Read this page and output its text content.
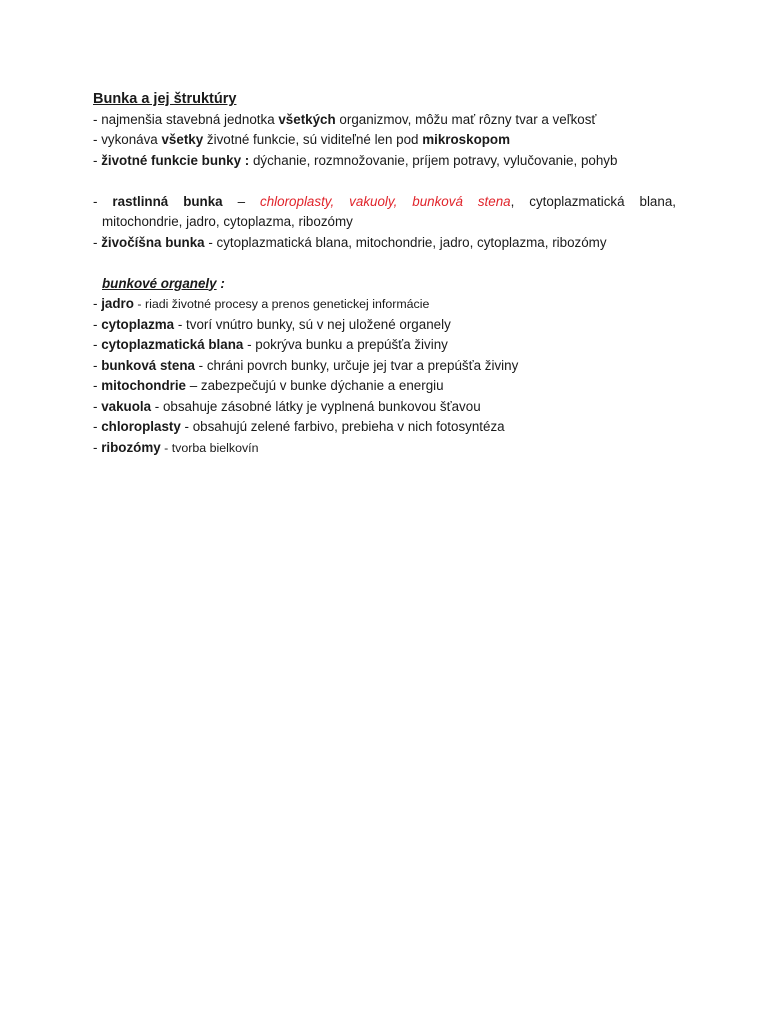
Bunka a jej štruktúry
- najmenšia stavebná jednotka všetkých organizmov, môžu mať rôzny tvar a veľkosť
- vykonáva všetky životné funkcie, sú viditeľné len pod mikroskopom
- životné funkcie bunky : dýchanie, rozmnožovanie, príjem potravy, vylučovanie, pohyb
- rastlinná bunka – chloroplasty, vakuoly, bunková stena, cytoplazmatická blana,
mitochondrie, jadro, cytoplazma, ribozómy
- živočíšna bunka - cytoplazmatická blana, mitochondrie, jadro, cytoplazma, ribozómy
bunkové organely :
- jadro - riadi životné procesy a prenos genetickej informácie
- cytoplazma - tvorí vnútro bunky, sú v nej uložené organely
- cytoplazmatická blana - pokrýva bunku a prepúšťa živiny
- bunková stena - chráni povrch bunky, určuje jej tvar a prepúšťa živiny
- mitochondrie – zabezpečujú v bunke dýchanie a energiu
- vakuola - obsahuje zásobné látky je vyplnená bunkovou šťavou
- chloroplasty - obsahujú zelené farbivo, prebieha v nich fotosyntéza
- ribozómy - tvorba bielkovín
